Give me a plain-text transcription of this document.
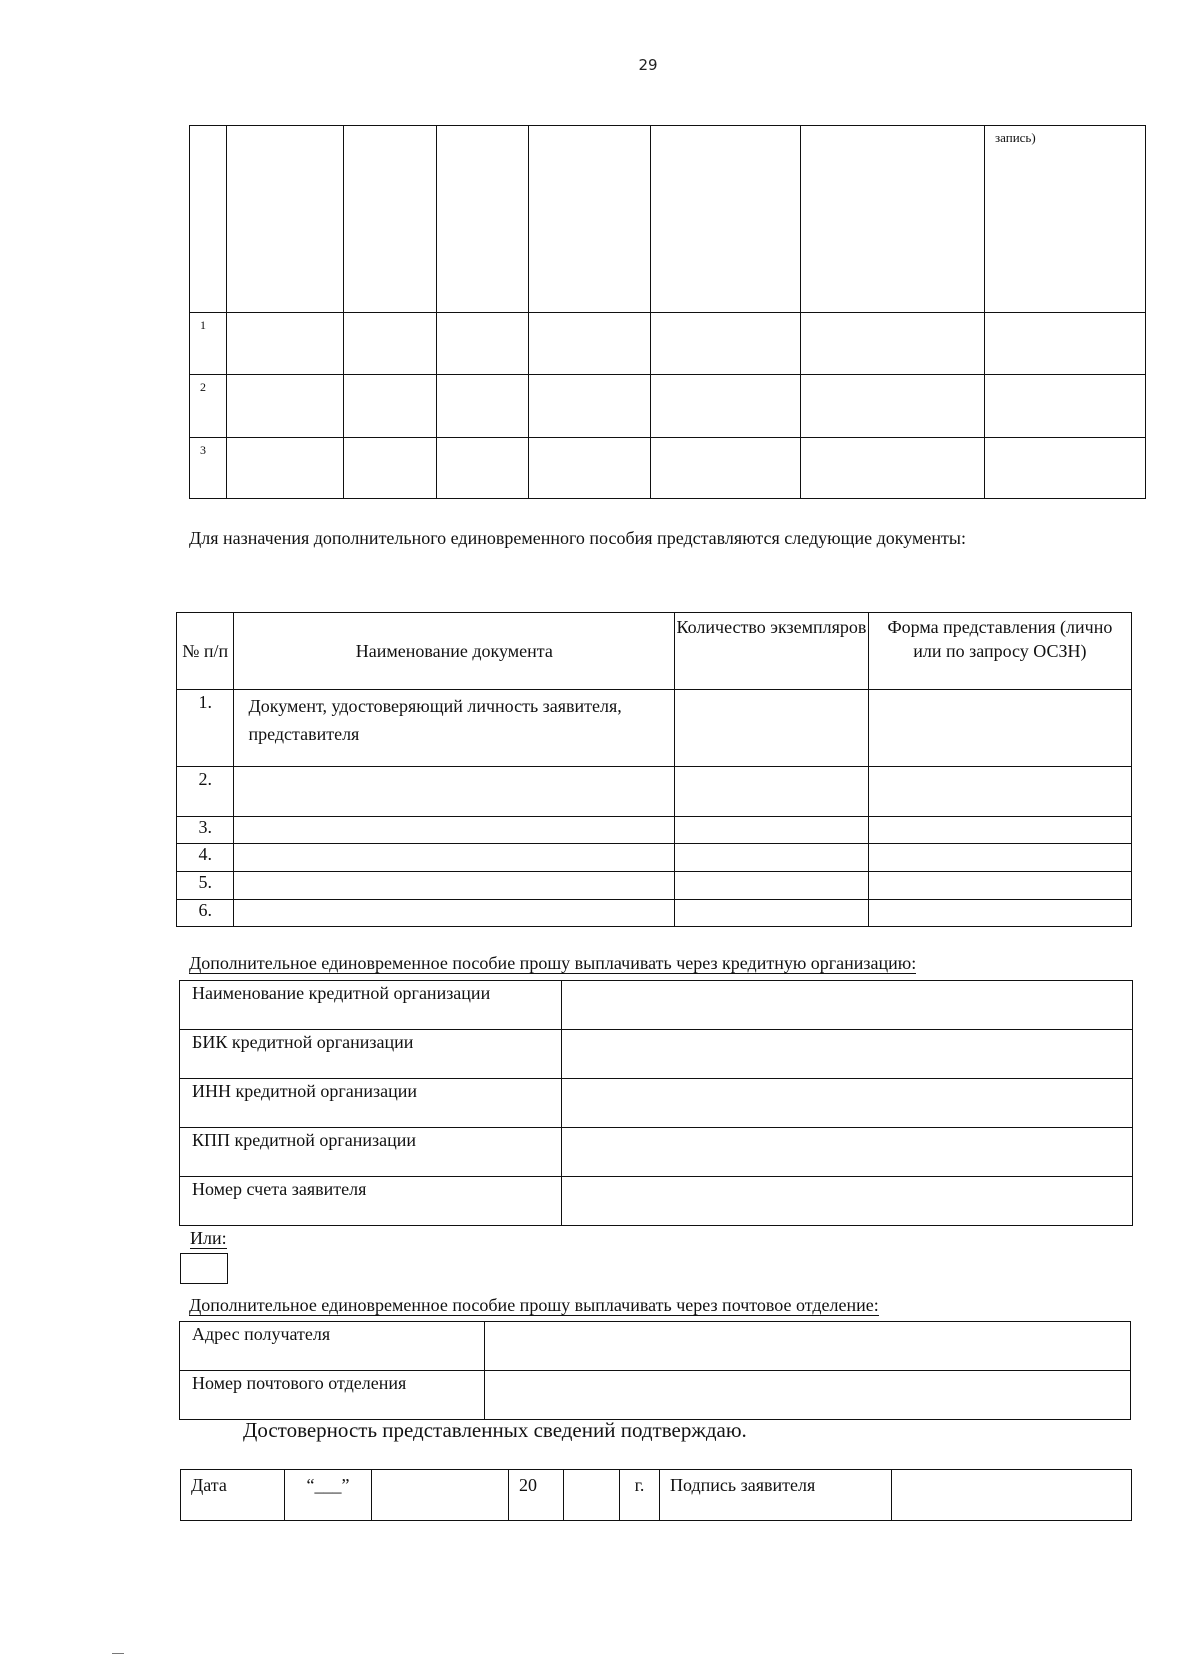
29
							запись)
1							
2							
3							
Для назначения дополнительного единовременного пособия представляются следующие документы:
№ п/п	Наименование документа	Количество экземпляров	Форма представления (лично или по запросу ОСЗН)
1.	Документ, удостоверяющий личность заявителя, представителя		
2.			
3.			
4.			
5.			
6.			
Дополнительное единовременное пособие прошу выплачивать через кредитную организацию:
Наименование кредитной организации	
БИК кредитной организации	
ИНН кредитной организации	
КПП кредитной организации	
Номер счета заявителя	
Или:
Дополнительное единовременное пособие прошу выплачивать через почтовое отделение:
Адрес получателя	
Номер почтового отделения	
Достоверность представленных сведений подтверждаю.
Дата	“___”		20		г.	Подпись заявителя	
